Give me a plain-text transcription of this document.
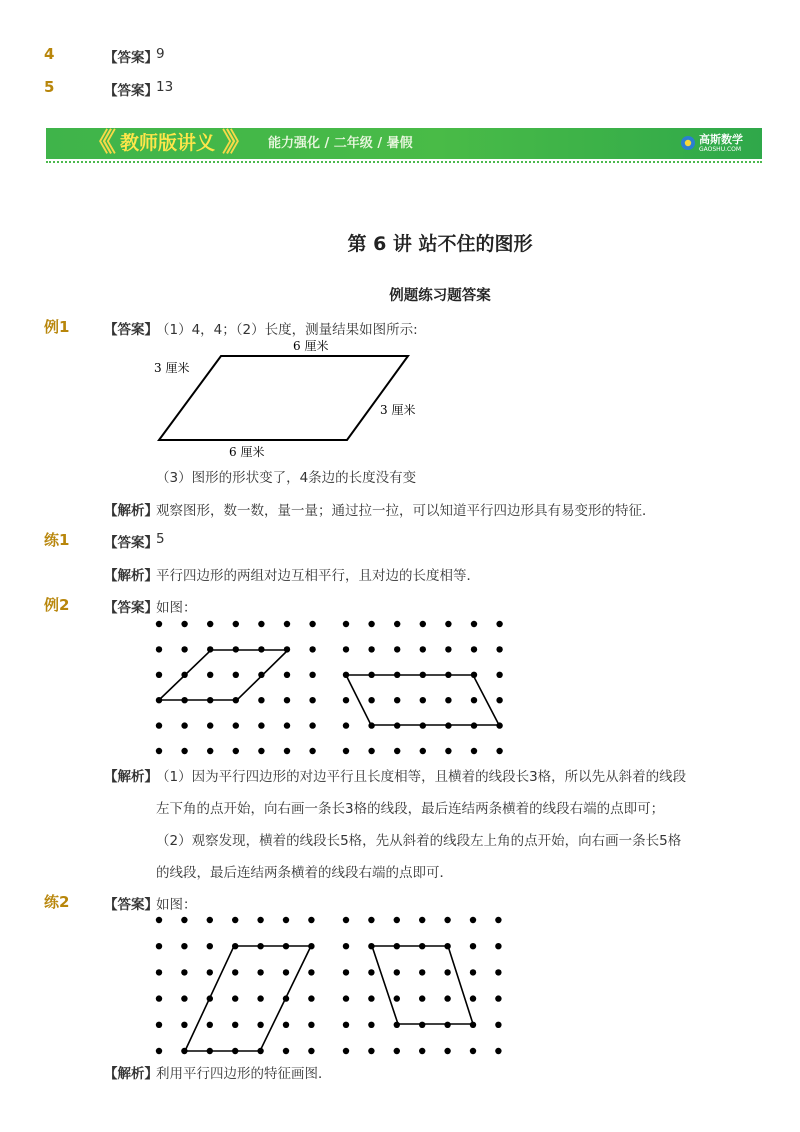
4	【答案】
9
5	【答案】
13
《《 教师版讲义 》》 能力强化 / 二年级 / 暑假	高斯数学
GAOSHU.COM
第 6 讲 站不住的图形
例题练习题答案
例1	【答案】
（1）4，4；（2）长度，测量结果如图所示:
6 厘米
3 厘米
3 厘米
6 厘米
（3）图形的形状变了，4条边的长度没有变
【解析】
观察图形，数一数，量一量；通过拉一拉，可以知道平行四边形具有易变形的特征．
练1	【答案】
5
【解析】
平行四边形的两组对边互相平行，且对边的长度相等．
例2	【答案】
如图：
【解析】
（1）因为平行四边形的对边平行且长度相等，且横着的线段长3格，所以先从斜着的线段
左下角的点开始，向右画一条长3格的线段，最后连结两条横着的线段右端的点即可；
（2）观察发现，横着的线段长5格，先从斜着的线段左上角的点开始，向右画一条长5格
的线段，最后连结两条横着的线段右端的点即可．
练2	【答案】
如图：
【解析】
利用平行四边形的特征画图．
